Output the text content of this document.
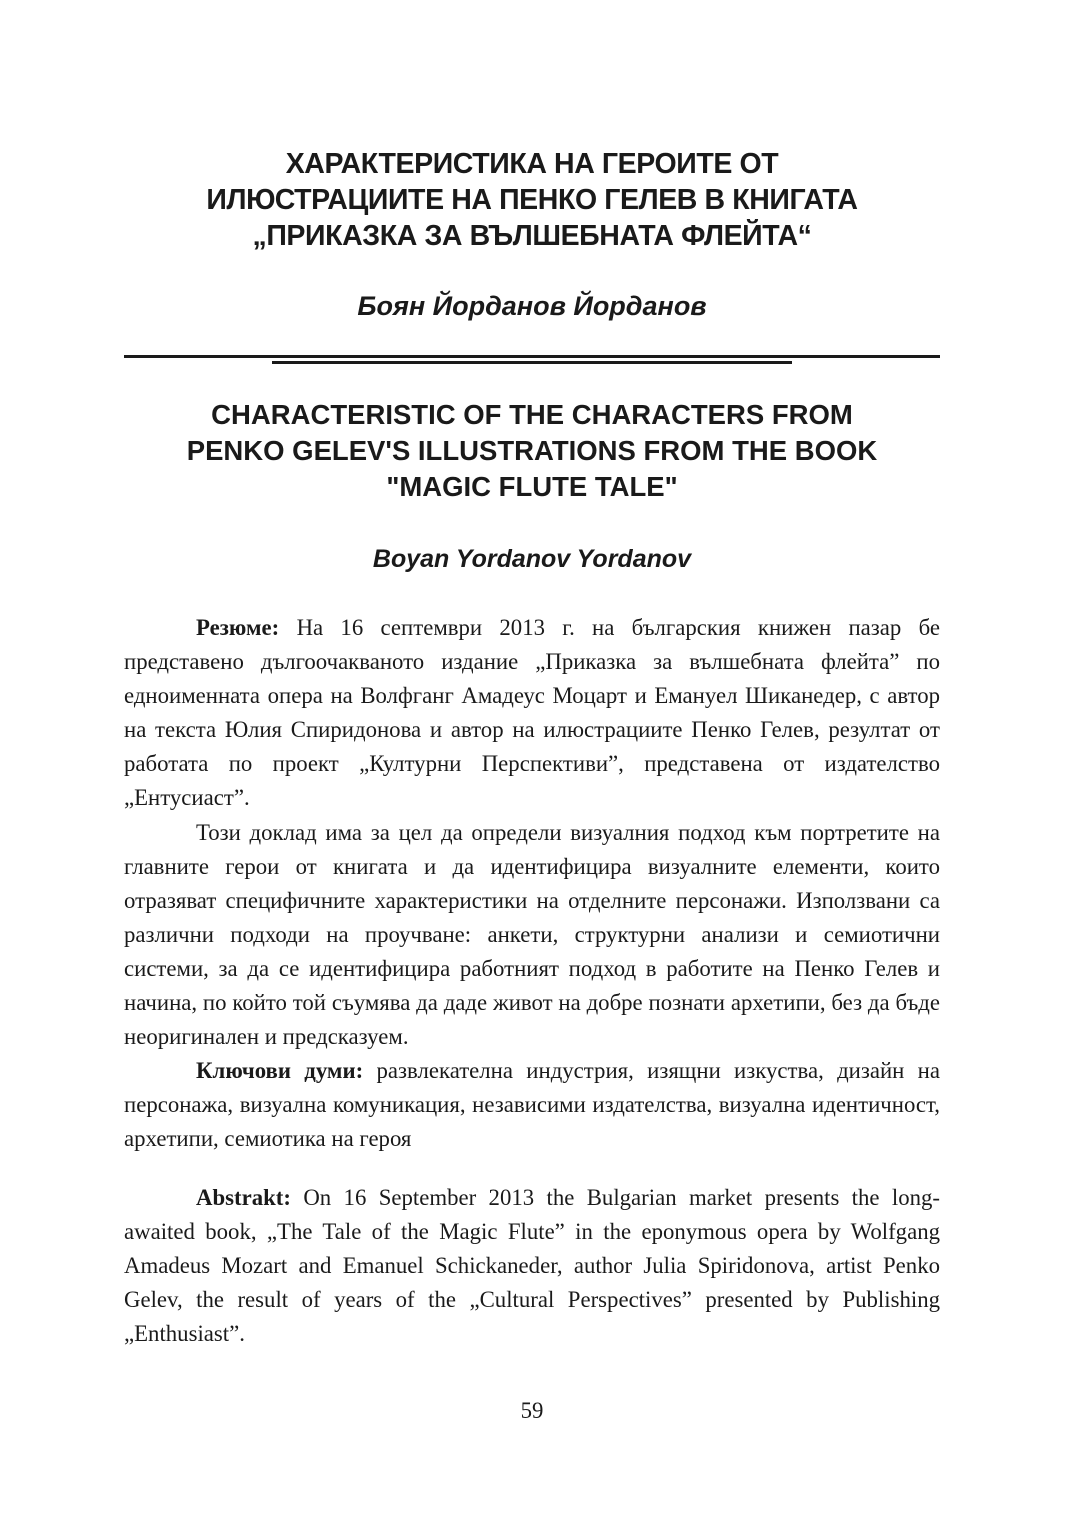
ХАРАКТЕРИСТИКА НА ГЕРОИТЕ ОТ
ИЛЮСТРАЦИИТЕ НА ПЕНКО ГЕЛЕВ В КНИГАТА
„ПРИКАЗКА ЗА ВЪЛШЕБНАТА ФЛЕЙТА“
Боян Йорданов Йорданов
CHARACTERISTIC OF THE CHARACTERS FROM
PENKO GELEV'S ILLUSTRATIONS FROM THE BOOK
"MAGIC FLUTE TALE"
Boyan Yordanov Yordanov

Резюме: На 16 септември 2013 г. на българския книжен пазар бе представено дългоочакваното издание „Приказка за вълшебната флейта” по едноименната опера на Волфганг Амадеус Моцарт и Емануел Шиканедер, с автор на текста Юлия Спиридонова и автор на илюстрациите Пенко Гелев, резултат от работата по проект „Културни Перспективи”, представена от издателство „Ентусиаст”.

Този доклад има за цел да определи визуалния подход към портретите на главните герои от книгата и да идентифицира визуалните елементи, които отразяват специфичните характеристики на отделните персонажи. Използвани са различни подходи на проучване: анкети, структурни анализи и семиотични системи, за да се идентифицира работният подход в работите на Пенко Гелев и начина, по който той съумява да даде живот на добре познати архетипи, без да бъде неоригинален и предсказуем.

Ключови думи: развлекателна индустрия, изящни изкуства, дизайн на персонажа, визуална комуникация, независими издателства, визуална идентичност, архетипи, семиотика на героя

Abstrakt: On 16 September 2013 the Bulgarian market presents the long-awaited book, „The Tale of the Magic Flute” in the eponymous opera by Wolfgang Amadeus Mozart and Emanuel Schickaneder, author Julia Spiridonova, artist Penko Gelev, the result of years of the „Cultural Perspectives” presented by Publishing „Enthusiast”.

59
